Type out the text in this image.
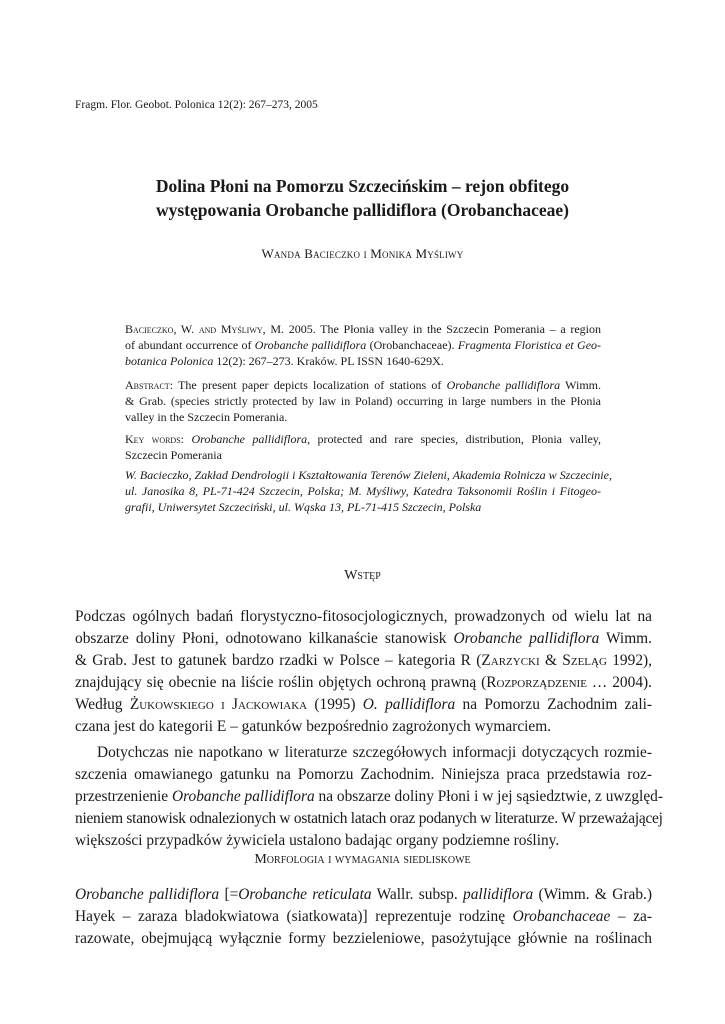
Fragm. Flor. Geobot. Polonica 12(2): 267–273, 2005
Dolina Płoni na Pomorzu Szczecińskim – rejon obfitego
występowania Orobanche pallidiflora (Orobanchaceae)
Wanda Bacieczko i Monika Myśliwy
Bacieczko, W. and Myśliwy, M. 2005. The Płonia valley in the Szczecin Pomerania – a region
of abundant occurrence of Orobanche pallidiflora (Orobanchaceae). Fragmenta Floristica et Geo-
botanica Polonica 12(2): 267–273. Kraków. PL ISSN 1640-629X.
Abstract: The present paper depicts localization of stations of Orobanche pallidiflora Wimm.
& Grab. (species strictly protected by law in Poland) occurring in large numbers in the Płonia
valley in the Szczecin Pomerania.
Key words: Orobanche pallidiflora, protected and rare species, distribution, Płonia valley,
Szczecin Pomerania
W. Bacieczko, Zakład Dendrologii i Kształtowania Terenów Zieleni, Akademia Rolnicza w Szczecinie,
ul. Janosika 8, PL-71-424 Szczecin, Polska; M. Myśliwy, Katedra Taksonomii Roślin i Fitogeo-
grafii, Uniwersytet Szczeciński, ul. Wąska 13, PL-71-415 Szczecin, Polska
Wstęp
Podczas ogólnych badań florystyczno-fitosocjologicznych, prowadzonych od wielu lat na
obszarze doliny Płoni, odnotowano kilkanaście stanowisk Orobanche pallidiflora Wimm.
& Grab. Jest to gatunek bardzo rzadki w Polsce – kategoria R (Zarzycki & Szeląg 1992),
znajdujący się obecnie na liście roślin objętych ochroną prawną (Rozporządzenie … 2004).
Według Żukowskiego i Jackowiaka (1995) O. pallidiflora na Pomorzu Zachodnim zali-
czana jest do kategorii E – gatunków bezpośrednio zagrożonych wymarciem.
Dotychczas nie napotkano w literaturze szczegółowych informacji dotyczących rozmie-
szczenia omawianego gatunku na Pomorzu Zachodnim. Niniejsza praca przedstawia roz-
przestrzenienie Orobanche pallidiflora na obszarze doliny Płoni i w jej sąsiedztwie, z uwzględ-
nieniem stanowisk odnalezionych w ostatnich latach oraz podanych w literaturze. W przeważającej
większości przypadków żywiciela ustalono badając organy podziemne rośliny.
Morfologia i wymagania siedliskowe
Orobanche pallidiflora [=Orobanche reticulata Wallr. subsp. pallidiflora (Wimm. & Grab.)
Hayek – zaraza bladokwiatowa (siatkowata)] reprezentuje rodzinę Orobanchaceae – za-
razowate, obejmującą wyłącznie formy bezzieleniowe, pasożytujące głównie na roślinach
